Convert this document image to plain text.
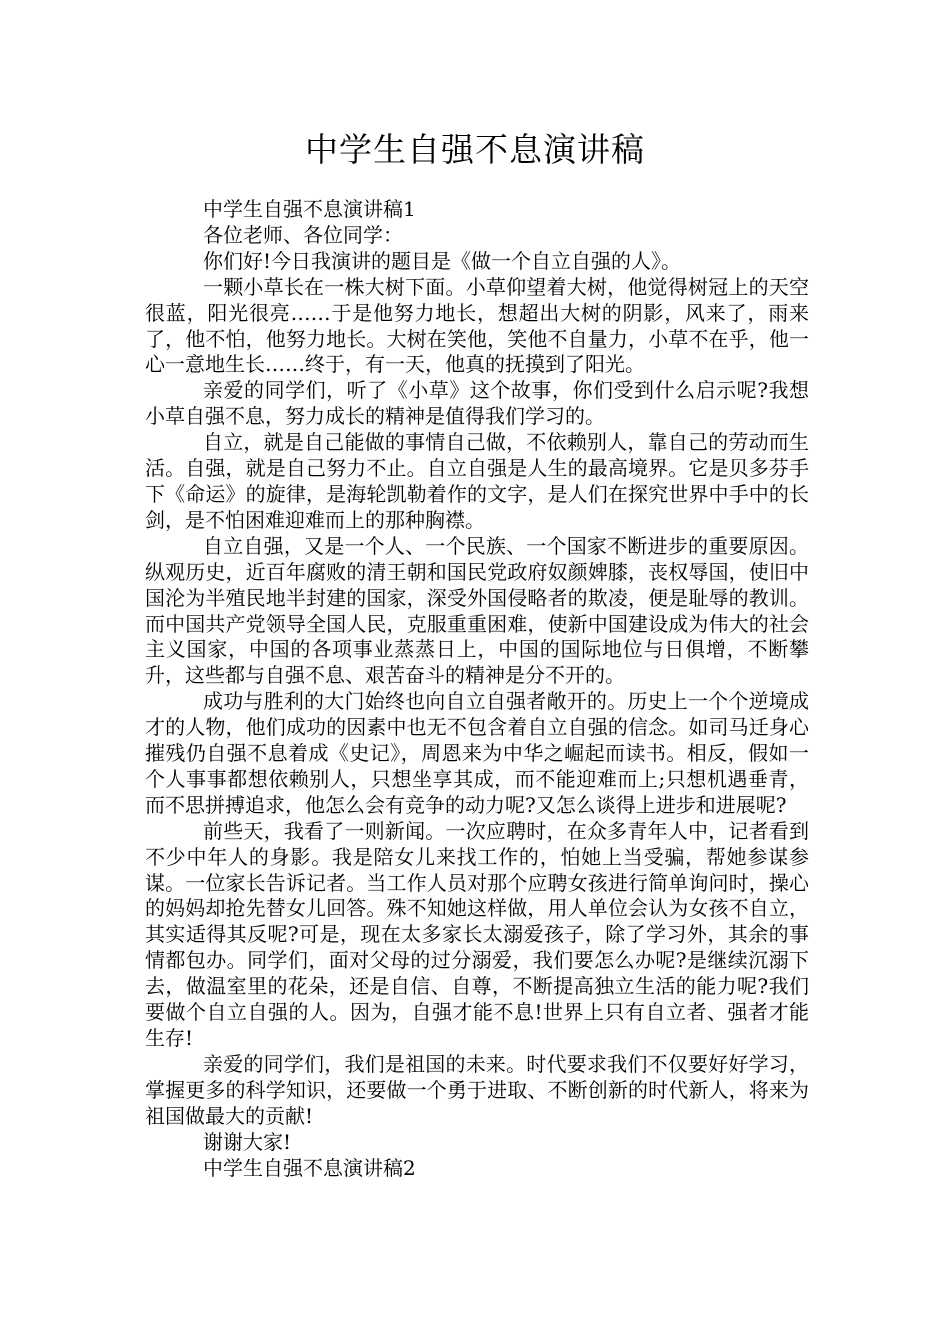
中学生自强不息演讲稿

中学生自强不息演讲稿1

各位老师、各位同学：

你们好!今日我演讲的题目是《做一个自立自强的人》。

一颗小草长在一株大树下面。小草仰望着大树，他觉得树冠上的天空很蓝，阳光很亮……于是他努力地长，想超出大树的阴影，风来了，雨来了，他不怕，他努力地长。大树在笑他，笑他不自量力，小草不在乎，他一心一意地生长……终于，有一天，他真的抚摸到了阳光。

亲爱的同学们，听了《小草》这个故事，你们受到什么启示呢?我想小草自强不息，努力成长的精神是值得我们学习的。

自立，就是自己能做的事情自己做，不依赖别人，靠自己的劳动而生活。自强，就是自己努力不止。自立自强是人生的最高境界。它是贝多芬手下《命运》的旋律，是海轮凯勒着作的文字，是人们在探究世界中手中的长剑，是不怕困难迎难而上的那种胸襟。

自立自强，又是一个人、一个民族、一个国家不断进步的重要原因。纵观历史，近百年腐败的清王朝和国民党政府奴颜婢膝，丧权辱国，使旧中国沦为半殖民地半封建的国家，深受外国侵略者的欺凌，便是耻辱的教训。而中国共产党领导全国人民，克服重重困难，使新中国建设成为伟大的社会主义国家，中国的各项事业蒸蒸日上，中国的国际地位与日俱增，不断攀升，这些都与自强不息、艰苦奋斗的精神是分不开的。

成功与胜利的大门始终也向自立自强者敞开的。历史上一个个逆境成才的人物，他们成功的因素中也无不包含着自立自强的信念。如司马迁身心摧残仍自强不息着成《史记》，周恩来为中华之崛起而读书。相反，假如一个人事事都想依赖别人，只想坐享其成，而不能迎难而上;只想机遇垂青，而不思拼搏追求，他怎么会有竞争的动力呢?又怎么谈得上进步和进展呢?

前些天，我看了一则新闻。一次应聘时，在众多青年人中，记者看到不少中年人的身影。我是陪女儿来找工作的，怕她上当受骗，帮她参谋参谋。一位家长告诉记者。当工作人员对那个应聘女孩进行简单询问时，操心的妈妈却抢先替女儿回答。殊不知她这样做，用人单位会认为女孩不自立，其实适得其反呢?可是，现在太多家长太溺爱孩子，除了学习外，其余的事情都包办。同学们，面对父母的过分溺爱，我们要怎么办呢?是继续沉溺下去，做温室里的花朵，还是自信、自尊，不断提高独立生活的能力呢?我们要做个自立自强的人。因为，自强才能不息!世界上只有自立者、强者才能生存!

亲爱的同学们，我们是祖国的未来。时代要求我们不仅要好好学习，掌握更多的科学知识，还要做一个勇于进取、不断创新的时代新人，将来为祖国做最大的贡献!

谢谢大家!

中学生自强不息演讲稿2
